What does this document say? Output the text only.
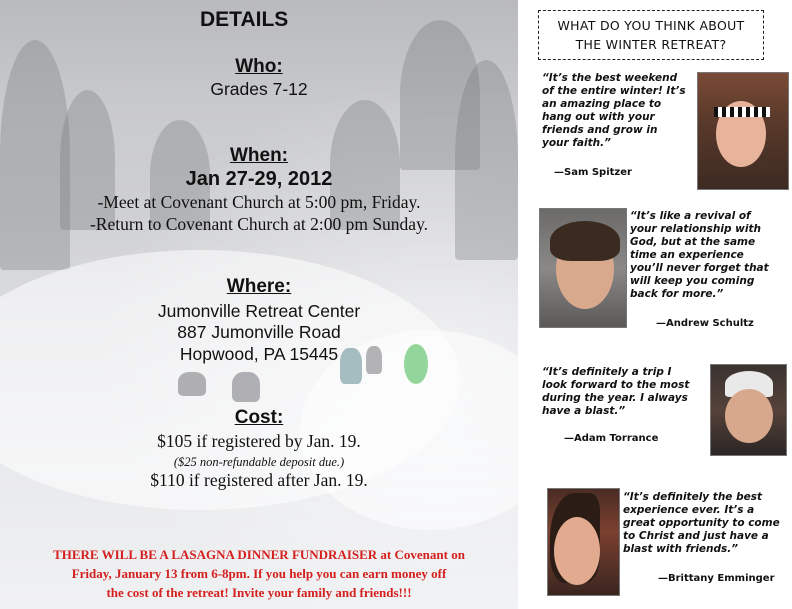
DETAILS
Who:
Grades 7-12
When:
Jan 27-29, 2012
-Meet at Covenant Church at 5:00 pm, Friday.
-Return to Covenant Church at 2:00 pm Sunday.
Where:
Jumonville Retreat Center
887 Jumonville Road
Hopwood, PA 15445
Cost:
$105 if registered by Jan. 19.
($25 non-refundable deposit due.)
$110 if registered after Jan. 19.
THERE WILL BE A LASAGNA DINNER FUNDRAISER at Covenant on
Friday, January 13 from 6-8pm. If you help you can earn money off
the cost of the retreat! Invite your family and friends!!!
WHAT DO YOU THINK ABOUT
THE WINTER RETREAT?
“It’s the best weekend
of the entire winter! It’s
an amazing place to
hang out with your
friends and grow in
your faith.”
—Sam Spitzer
“It’s like a revival of
your relationship with
God, but at the same
time an experience
you’ll never forget that
will keep you coming
back for more.”
—Andrew Schultz
“It’s definitely a trip I
look forward to the most
during the year. I always
have a blast.”
—Adam Torrance
“It’s definitely the best
experience ever. It’s a
great opportunity to come
to Christ and just have a
blast with friends.”
—Brittany Emminger
